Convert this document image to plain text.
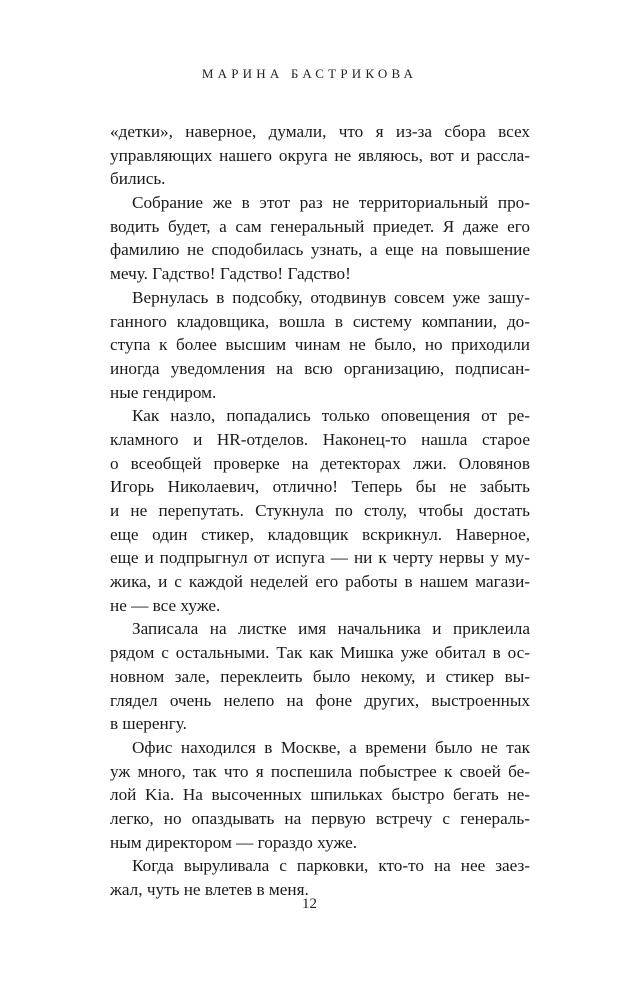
МАРИНА БАСТРИКОВА
«детки», наверное, думали, что я из-за сбора всех
управляющих нашего округа не являюсь, вот и рассла-
бились.
Собрание же в этот раз не территориальный про-
водить будет, а сам генеральный приедет. Я даже его
фамилию не сподобилась узнать, а еще на повышение
мечу. Гадство! Гадство! Гадство!
Вернулась в подсобку, отодвинув совсем уже зашу-
ганного кладовщика, вошла в систему компании, до-
ступа к более высшим чинам не было, но приходили
иногда уведомления на всю организацию, подписан-
ные гендиром.
Как назло, попадались только оповещения от ре-
кламного и HR-отделов. Наконец-то нашла старое
о всеобщей проверке на детекторах лжи. Оловянов
Игорь Николаевич, отлично! Теперь бы не забыть
и не перепутать. Стукнула по столу, чтобы достать
еще один стикер, кладовщик вскрикнул. Наверное,
еще и подпрыгнул от испуга — ни к черту нервы у му-
жика, и с каждой неделей его работы в нашем магази-
не — все хуже.
Записала на листке имя начальника и приклеила
рядом с остальными. Так как Мишка уже обитал в ос-
новном зале, переклеить было некому, и стикер вы-
глядел очень нелепо на фоне других, выстроенных
в шеренгу.
Офис находился в Москве, а времени было не так
уж много, так что я поспешила побыстрее к своей бе-
лой Kia. На высоченных шпильках быстро бегать не-
легко, но опаздывать на первую встречу с генераль-
ным директором — гораздо хуже.
Когда выруливала с парковки, кто-то на нее заез-
жал, чуть не влетев в меня.
12
